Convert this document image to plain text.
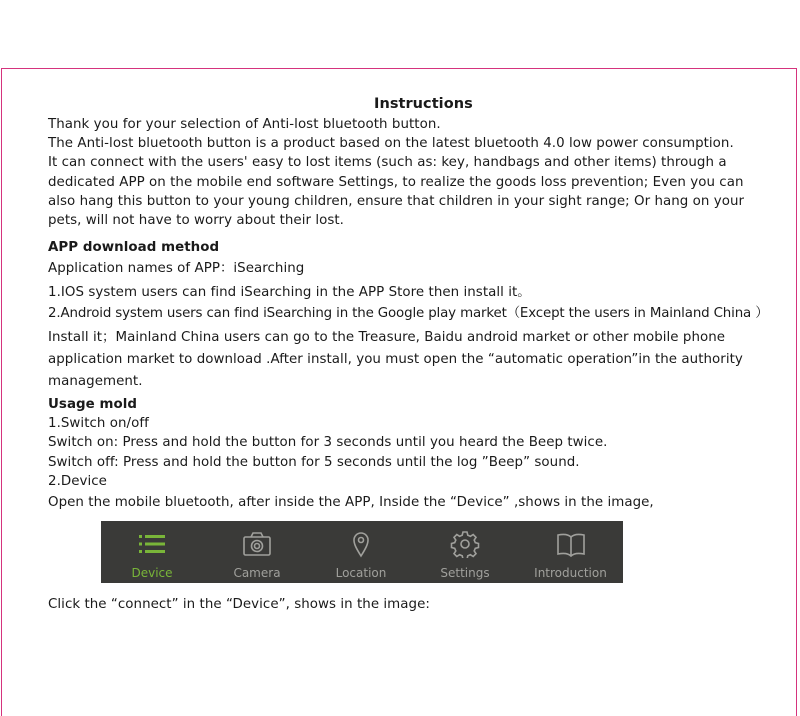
Instructions
Thank you for your selection of Anti-lost bluetooth button.
The Anti-lost bluetooth button is a product based on the latest bluetooth 4.0 low power consumption.
It can connect with the users' easy to lost items (such as: key, handbags and other items) through a
dedicated APP on the mobile end software Settings, to realize the goods loss prevention; Even you can
also hang this button to your young children, ensure that children in your sight range; Or hang on your
pets, will not have to worry about their lost.
APP download method
Application names of APP：iSearching
1.IOS system users can find iSearching in the APP Store then install it。
2.Android system users can find iSearching in the Google play market（Except the users in Mainland China ）
Install it；Mainland China users can go to the Treasure, Baidu android market or other mobile phone
application market to download .After install, you must open the “automatic operation”in the authority
management.
Usage mold
1.Switch on/off
Switch on: Press and hold the button for 3 seconds until you heard the Beep twice.
Switch off: Press and hold the button for 5 seconds until the log ”Beep” sound.
2.Device
Open the mobile bluetooth, after inside the APP, Inside the “Device” ,shows in the image,
Device	Camera	Location	Settings	Introduction
Click the “connect” in the “Device”, shows in the image:
